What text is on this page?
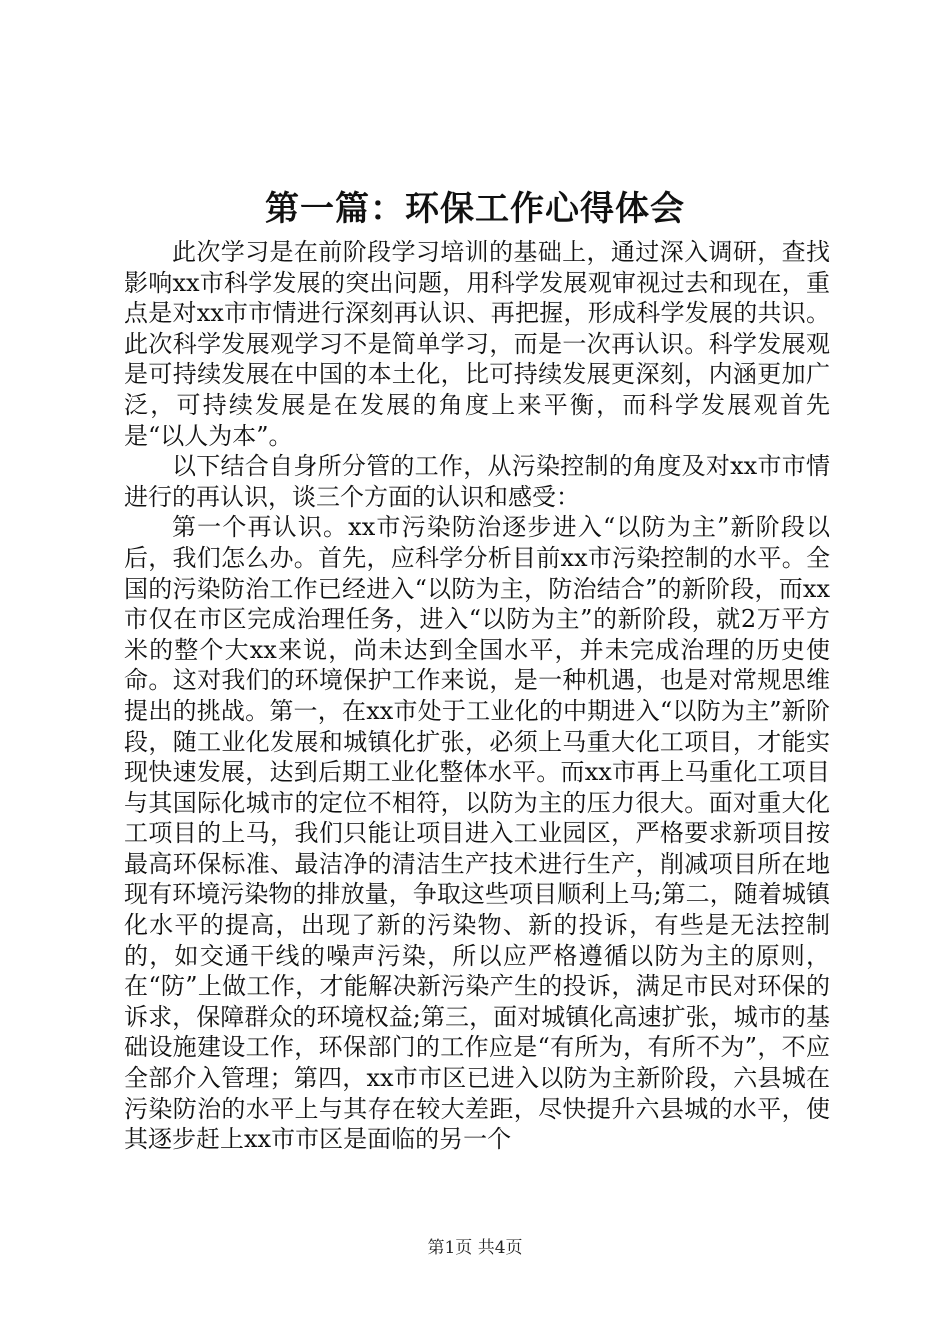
第一篇：环保工作心得体会

此次学习是在前阶段学习培训的基础上，通过深入调研，查找影响xx市科学发展的突出问题，用科学发展观审视过去和现在，重点是对xx市市情进行深刻再认识、再把握，形成科学发展的共识。此次科学发展观学习不是简单学习，而是一次再认识。科学发展观是可持续发展在中国的本土化，比可持续发展更深刻，内涵更加广泛，可持续发展是在发展的角度上来平衡，而科学发展观首先是“以人为本”。

以下结合自身所分管的工作，从污染控制的角度及对xx市市情进行的再认识，谈三个方面的认识和感受：

第一个再认识。xx市污染防治逐步进入“以防为主”新阶段以后，我们怎么办。首先，应科学分析目前xx市污染控制的水平。全国的污染防治工作已经进入“以防为主，防治结合”的新阶段，而xx市仅在市区完成治理任务，进入“以防为主”的新阶段，就2万平方米的整个大xx来说，尚未达到全国水平，并未完成治理的历史使命。这对我们的环境保护工作来说，是一种机遇，也是对常规思维提出的挑战。第一，在xx市处于工业化的中期进入“以防为主”新阶段，随工业化发展和城镇化扩张，必须上马重大化工项目，才能实现快速发展，达到后期工业化整体水平。而xx市再上马重化工项目与其国际化城市的定位不相符，以防为主的压力很大。面对重大化工项目的上马，我们只能让项目进入工业园区，严格要求新项目按最高环保标准、最洁净的清洁生产技术进行生产，削减项目所在地现有环境污染物的排放量，争取这些项目顺利上马;第二，随着城镇化水平的提高，出现了新的污染物、新的投诉，有些是无法控制的，如交通干线的噪声污染，所以应严格遵循以防为主的原则，在“防”上做工作，才能解决新污染产生的投诉，满足市民对环保的诉求，保障群众的环境权益;第三，面对城镇化高速扩张，城市的基础设施建设工作，环保部门的工作应是“有所为，有所不为”，不应全部介入管理；第四，xx市市区已进入以防为主新阶段，六县城在污染防治的水平上与其存在较大差距，尽快提升六县城的水平，使其逐步赶上xx市市区是面临的另一个

第1页 共4页
